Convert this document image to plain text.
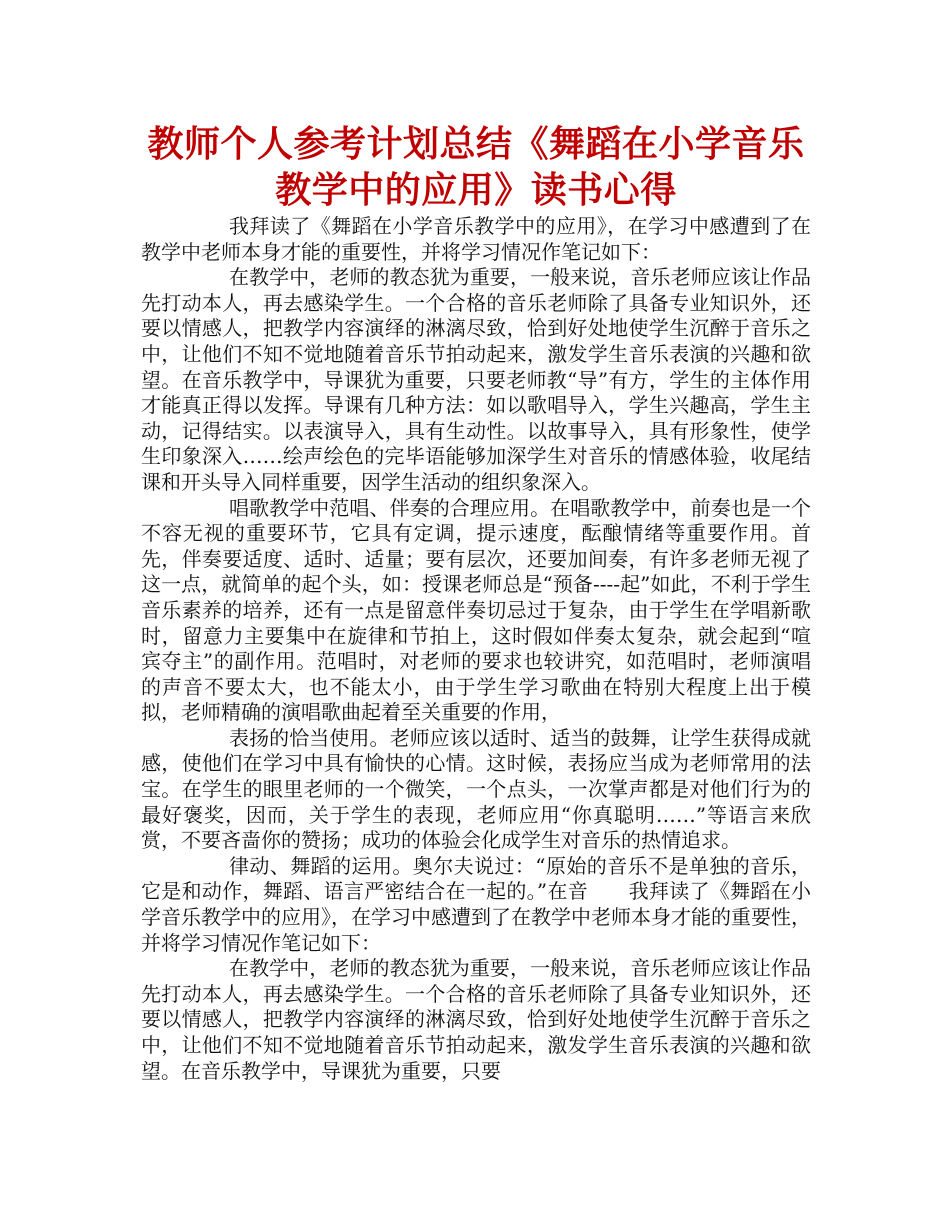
教师个人参考计划总结《舞蹈在小学音乐
教学中的应用》读书心得

我拜读了《舞蹈在小学音乐教学中的应用》，在学习中感遭到了在教学中老师本身才能的重要性，并将学习情况作笔记如下：

在教学中，老师的教态犹为重要，一般来说，音乐老师应该让作品先打动本人，再去感染学生。一个合格的音乐老师除了具备专业知识外，还要以情感人，把教学内容演绎的淋漓尽致，恰到好处地使学生沉醉于音乐之中，让他们不知不觉地随着音乐节拍动起来，激发学生音乐表演的兴趣和欲望。在音乐教学中，导课犹为重要，只要老师教“导”有方，学生的主体作用才能真正得以发挥。导课有几种方法：如以歌唱导入，学生兴趣高，学生主动，记得结实。以表演导入，具有生动性。以故事导入，具有形象性，使学生印象深入……绘声绘色的完毕语能够加深学生对音乐的情感体验，收尾结课和开头导入同样重要，因学生活动的组织象深入。

唱歌教学中范唱、伴奏的合理应用。在唱歌教学中，前奏也是一个不容无视的重要环节，它具有定调，提示速度，酝酿情绪等重要作用。首先，伴奏要适度、适时、适量；要有层次，还要加间奏，有许多老师无视了这一点，就简单的起个头，如：授课老师总是“预备----起”如此，不利于学生音乐素养的培养，还有一点是留意伴奏切忌过于复杂，由于学生在学唱新歌时，留意力主要集中在旋律和节拍上，这时假如伴奏太复杂，就会起到“喧宾夺主”的副作用。范唱时，对老师的要求也较讲究，如范唱时，老师演唱的声音不要太大，也不能太小，由于学生学习歌曲在特别大程度上出于模拟，老师精确的演唱歌曲起着至关重要的作用，

表扬的恰当使用。老师应该以适时、适当的鼓舞，让学生获得成就感，使他们在学习中具有愉快的心情。这时候，表扬应当成为老师常用的法宝。在学生的眼里老师的一个微笑，一个点头，一次掌声都是对他们行为的最好褒奖，因而，关于学生的表现，老师应用“你真聪明……”等语言来欣赏，不要吝啬你的赞扬；成功的体验会化成学生对音乐的热情追求。

律动、舞蹈的运用。奥尔夫说过：“原始的音乐不是单独的音乐，它是和动作，舞蹈、语言严密结合在一起的。”在音　　我拜读了《舞蹈在小学音乐教学中的应用》，在学习中感遭到了在教学中老师本身才能的重要性，并将学习情况作笔记如下：

在教学中，老师的教态犹为重要，一般来说，音乐老师应该让作品先打动本人，再去感染学生。一个合格的音乐老师除了具备专业知识外，还要以情感人，把教学内容演绎的淋漓尽致，恰到好处地使学生沉醉于音乐之中，让他们不知不觉地随着音乐节拍动起来，激发学生音乐表演的兴趣和欲望。在音乐教学中，导课犹为重要，只要
